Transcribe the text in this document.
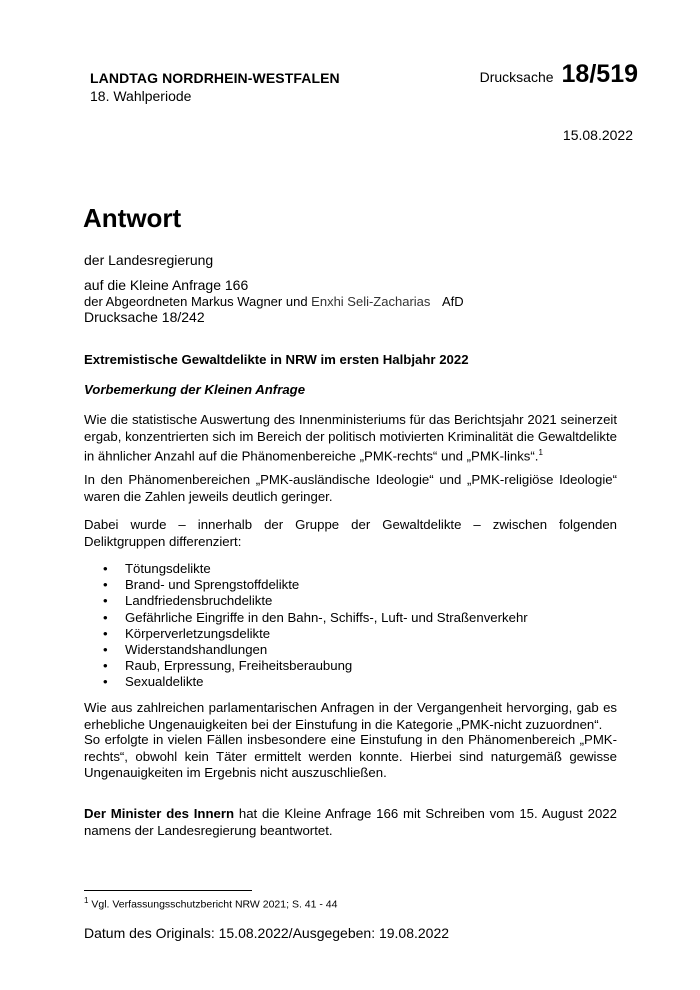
LANDTAG NORDRHEIN-WESTFALEN
18. Wahlperiode
Drucksache 18/519
15.08.2022
Antwort
der Landesregierung
auf die Kleine Anfrage 166
der Abgeordneten Markus Wagner und Enxhi Seli-Zacharias AfD
Drucksache 18/242
Extremistische Gewaltdelikte in NRW im ersten Halbjahr 2022
Vorbemerkung der Kleinen Anfrage

Wie die statistische Auswertung des Innenministeriums für das Berichtsjahr 2021 seinerzeit ergab, konzentrierten sich im Bereich der politisch motivierten Kriminalität die Gewaltdelikte in ähnlicher Anzahl auf die Phänomenbereiche „PMK-rechts“ und „PMK-links“.$^1$

In den Phänomenbereichen „PMK-ausländische Ideologie“ und „PMK-religiöse Ideologie“ waren die Zahlen jeweils deutlich geringer.
Dabei wurde – innerhalb der Gruppe der Gewaltdelikte – zwischen folgenden Deliktgruppen differenziert:
• Tötungsdelikte
• Brand- und Sprengstoffdelikte
• Landfriedensbruchdelikte
• Gefährliche Eingriffe in den Bahn-, Schiffs-, Luft- und Straßenverkehr
• Körperverletzungsdelikte
• Widerstandshandlungen
• Raub, Erpressung, Freiheitsberaubung
• Sexualdelikte
Wie aus zahlreichen parlamentarischen Anfragen in der Vergangenheit hervorging, gab es erhebliche Ungenauigkeiten bei der Einstufung in die Kategorie „PMK-nicht zuzuordnen“.
So erfolgte in vielen Fällen insbesondere eine Einstufung in den Phänomenbereich „PMK-rechts“, obwohl kein Täter ermittelt werden konnte. Hierbei sind naturgemäß gewisse Ungenauigkeiten im Ergebnis nicht auszuschließen.

Der Minister des Innern hat die Kleine Anfrage 166 mit Schreiben vom 15. August 2022 namens der Landesregierung beantwortet.

$^1$ Vgl. Verfassungsschutzbericht NRW 2021; S. 41 - 44
Datum des Originals: 15.08.2022/Ausgegeben: 19.08.2022
